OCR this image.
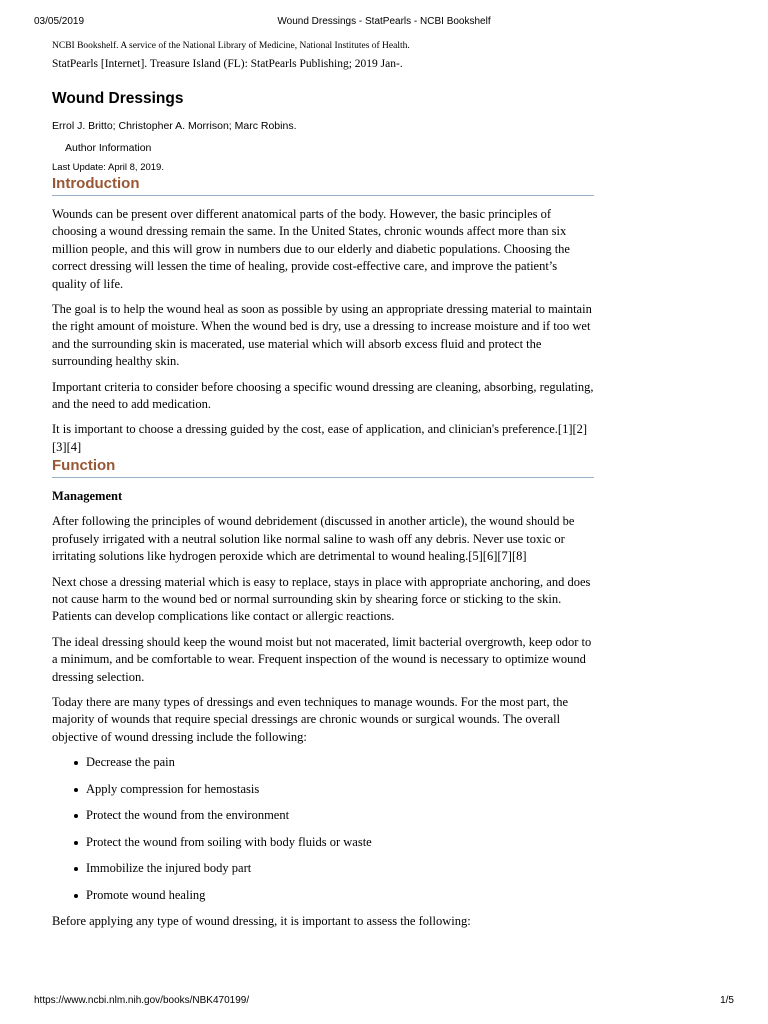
03/05/2019	Wound Dressings - StatPearls - NCBI Bookshelf

NCBI Bookshelf. A service of the National Library of Medicine, National Institutes of Health.

StatPearls [Internet]. Treasure Island (FL): StatPearls Publishing; 2019 Jan-.

Wound Dressings

Errol J. Britto; Christopher A. Morrison; Marc Robins.

Author Information

Last Update: April 8, 2019.

Introduction

Wounds can be present over different anatomical parts of the body. However, the basic principles of choosing a wound dressing remain the same. In the United States, chronic wounds affect more than six million people, and this will grow in numbers due to our elderly and diabetic populations. Choosing the correct dressing will lessen the time of healing, provide cost-effective care, and improve the patient’s quality of life.

The goal is to help the wound heal as soon as possible by using an appropriate dressing material to maintain the right amount of moisture. When the wound bed is dry, use a dressing to increase moisture and if too wet and the surrounding skin is macerated, use material which will absorb excess fluid and protect the surrounding healthy skin.

Important criteria to consider before choosing a specific wound dressing are cleaning, absorbing, regulating, and the need to add medication.

It is important to choose a dressing guided by the cost, ease of application, and clinician's preference.[1][2][3][4]

Function
Management

After following the principles of wound debridement (discussed in another article), the wound should be profusely irrigated with a neutral solution like normal saline to wash off any debris. Never use toxic or irritating solutions like hydrogen peroxide which are detrimental to wound healing.[5][6][7][8]

Next chose a dressing material which is easy to replace, stays in place with appropriate anchoring, and does not cause harm to the wound bed or normal surrounding skin by shearing force or sticking to the skin. Patients can develop complications like contact or allergic reactions.

The ideal dressing should keep the wound moist but not macerated, limit bacterial overgrowth, keep odor to a minimum, and be comfortable to wear. Frequent inspection of the wound is necessary to optimize wound dressing selection.

Today there are many types of dressings and even techniques to manage wounds. For the most part, the majority of wounds that require special dressings are chronic wounds or surgical wounds. The overall objective of wound dressing include the following:

Decrease the pain
Apply compression for hemostasis
Protect the wound from the environment
Protect the wound from soiling with body fluids or waste
Immobilize the injured body part
Promote wound healing

Before applying any type of wound dressing, it is important to assess the following:

https://www.ncbi.nlm.nih.gov/books/NBK470199/	1/5
